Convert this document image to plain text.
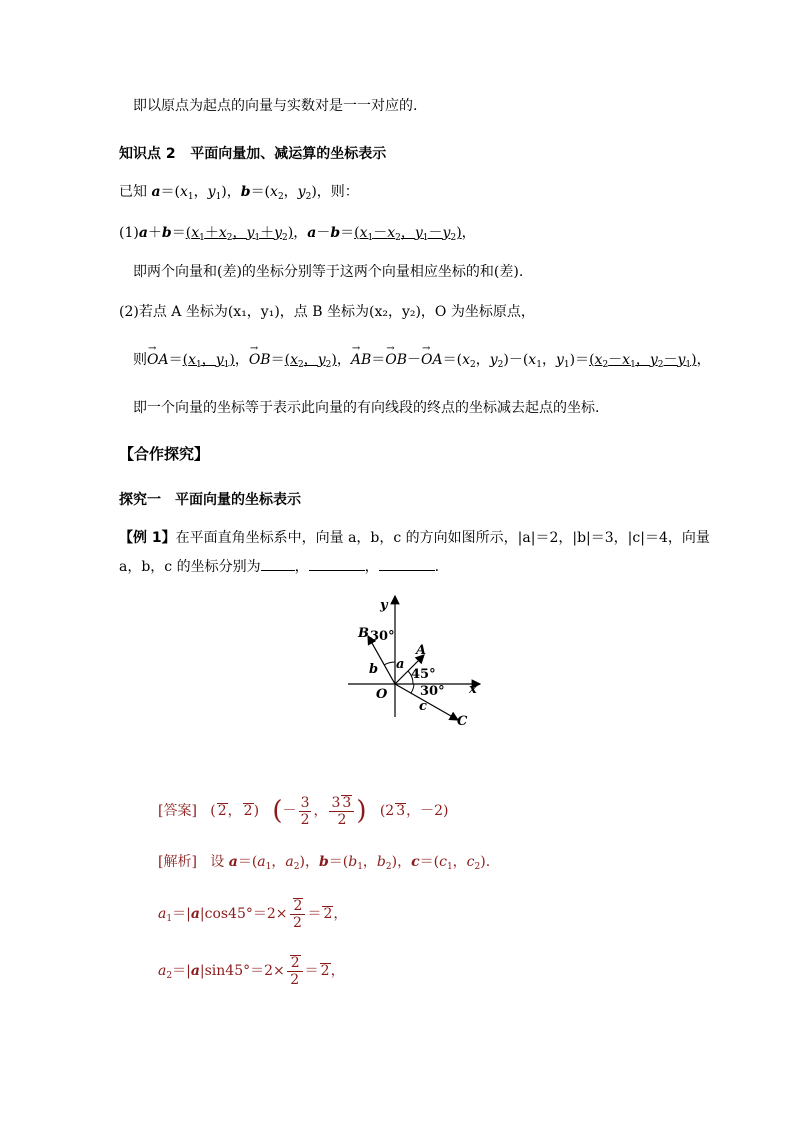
即以原点为起点的向量与实数对是一一对应的.
知识点 2 平面向量加、减运算的坐标表示
已知 $a=(x_1$，$y_1$)，$b=(x_2$，$y_2$)，则：
$(1)a+b=(x_1+x_2$，$y_1+y_2$)，$a-b=(x_1-x_2$，$y_1-y_2$)，
即两个向量和(差)的坐标分别等于这两个向量相应坐标的和(差).
(2)若点 A 坐标为(x₁，y₁)，点 B 坐标为(x₂，y₂)，O 为坐标原点，
则→ $OA=(x_1$，$y_1$)，→ $OB=(x_2$，$y_2$)，→ $AB=\to OB-\to OA=(x_2$，$y_2)-(x_1$，$y_1)=(x_2-x_1$，$y_2-y_1$)，
即一个向量的坐标等于表示此向量的有向线段的终点的坐标减去起点的坐标.
【合作探究】
探究一　平面向量的坐标表示
【例 1】在平面直角坐标系中，向量 a，b，c 的方向如图所示，|a|＝2，|b|＝3，|c|＝4，向量
a，b，c 的坐标分别为 ，	，	.
y
x
O
B 30°
A
a
b	45°
30°
c
C
[答案]   ( 2， 2)   (－ $\frac{3}{2}$ ， $\frac{3 3}{2}$ )   (2 3，－2)
[解析] 设 $a=(a_1$，$a_2$)，$b=(b_1$，$b_2$)，$c=(c_1$，$c_2$).
$a_1=|a|\cos 45^\circ=2\times \frac{2}{2} = 2$，
$a_2=|a|\sin 45^\circ=2\times \frac{2}{2} = 2$，
